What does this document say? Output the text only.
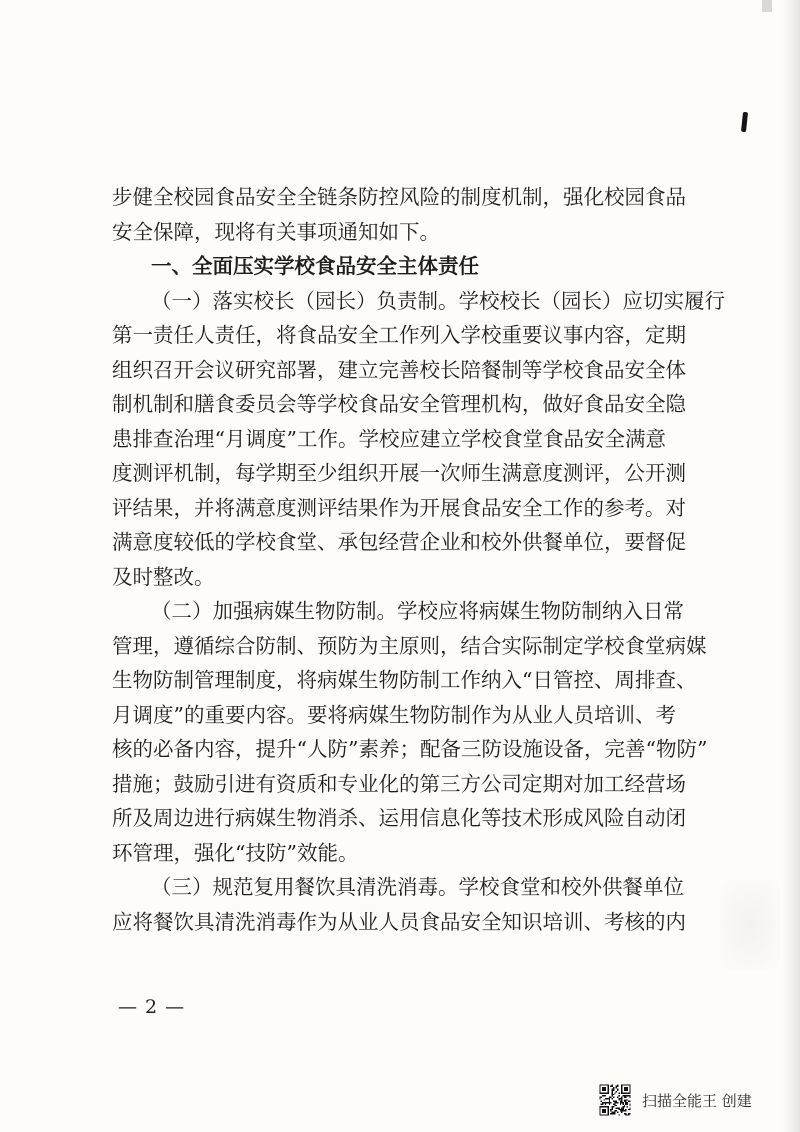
步健全校园食品安全全链条防控风险的制度机制，强化校园食品
安全保障，现将有关事项通知如下。
一、全面压实学校食品安全主体责任
（一）落实校长（园长）负责制。学校校长（园长）应切实履行
第一责任人责任，将食品安全工作列入学校重要议事内容，定期
组织召开会议研究部署，建立完善校长陪餐制等学校食品安全体
制机制和膳食委员会等学校食品安全管理机构，做好食品安全隐
患排查治理“月调度”工作。学校应建立学校食堂食品安全满意
度测评机制，每学期至少组织开展一次师生满意度测评，公开测
评结果，并将满意度测评结果作为开展食品安全工作的参考。对
满意度较低的学校食堂、承包经营企业和校外供餐单位，要督促
及时整改。
（二）加强病媒生物防制。学校应将病媒生物防制纳入日常
管理，遵循综合防制、预防为主原则，结合实际制定学校食堂病媒
生物防制管理制度，将病媒生物防制工作纳入“日管控、周排查、
月调度”的重要内容。要将病媒生物防制作为从业人员培训、考
核的必备内容，提升“人防”素养；配备三防设施设备，完善“物防”
措施；鼓励引进有资质和专业化的第三方公司定期对加工经营场
所及周边进行病媒生物消杀、运用信息化等技术形成风险自动闭
环管理，强化“技防”效能。
（三）规范复用餐饮具清洗消毒。学校食堂和校外供餐单位
应将餐饮具清洗消毒作为从业人员食品安全知识培训、考核的内
— 2 —
扫描全能王 创建
